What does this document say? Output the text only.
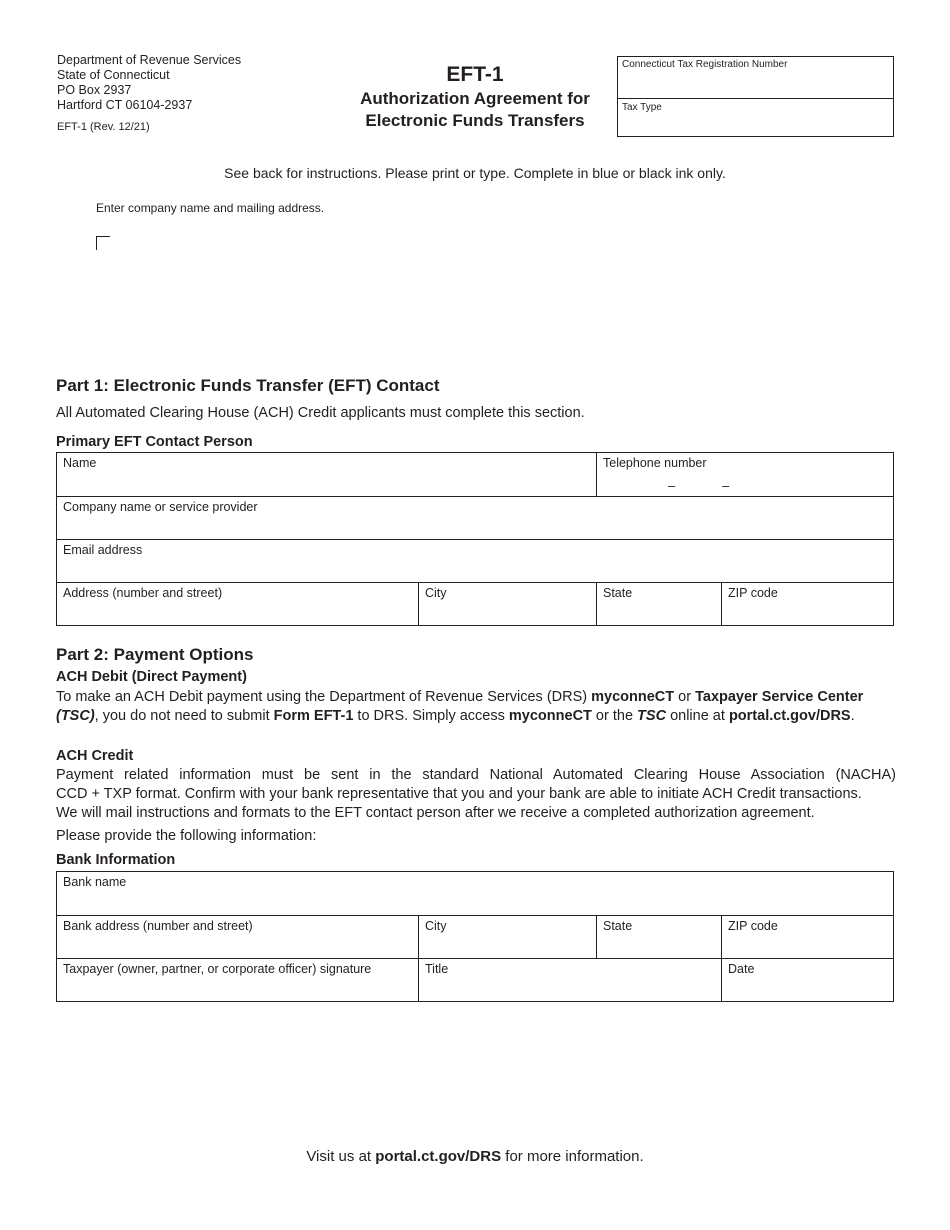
Department of Revenue Services
State of Connecticut
PO Box 2937
Hartford CT 06104-2937
EFT-1 (Rev. 12/21)
EFT-1
Authorization Agreement for
Electronic Funds Transfers
Connecticut Tax Registration Number
Tax Type
See back for instructions. Please print or type. Complete in blue or black ink only.
Enter company name and mailing address.
Part 1: Electronic Funds Transfer (EFT) Contact
All Automated Clearing House (ACH) Credit applicants must complete this section.
Primary EFT Contact Person
Name	Telephone number
–	–
Company name or service provider
Email address
Address (number and street)	City	State	ZIP code
Part 2: Payment Options
ACH Debit (Direct Payment)
To make an ACH Debit payment using the Department of Revenue Services (DRS) myconneCT or Taxpayer Service Center
(TSC), you do not need to submit Form EFT-1 to DRS. Simply access myconneCT or the TSC online at portal.ct.gov/DRS.
ACH Credit
Payment related information must be sent in the standard National Automated Clearing House Association (NACHA)
CCD + TXP format. Confirm with your bank representative that you and your bank are able to initiate ACH Credit transactions.
We will mail instructions and formats to the EFT contact person after we receive a completed authorization agreement.
Please provide the following information:
Bank Information
Bank name
Bank address (number and street)	City	State	ZIP code
Taxpayer (owner, partner, or corporate officer) signature	Title	Date
Visit us at portal.ct.gov/DRS for more information.
